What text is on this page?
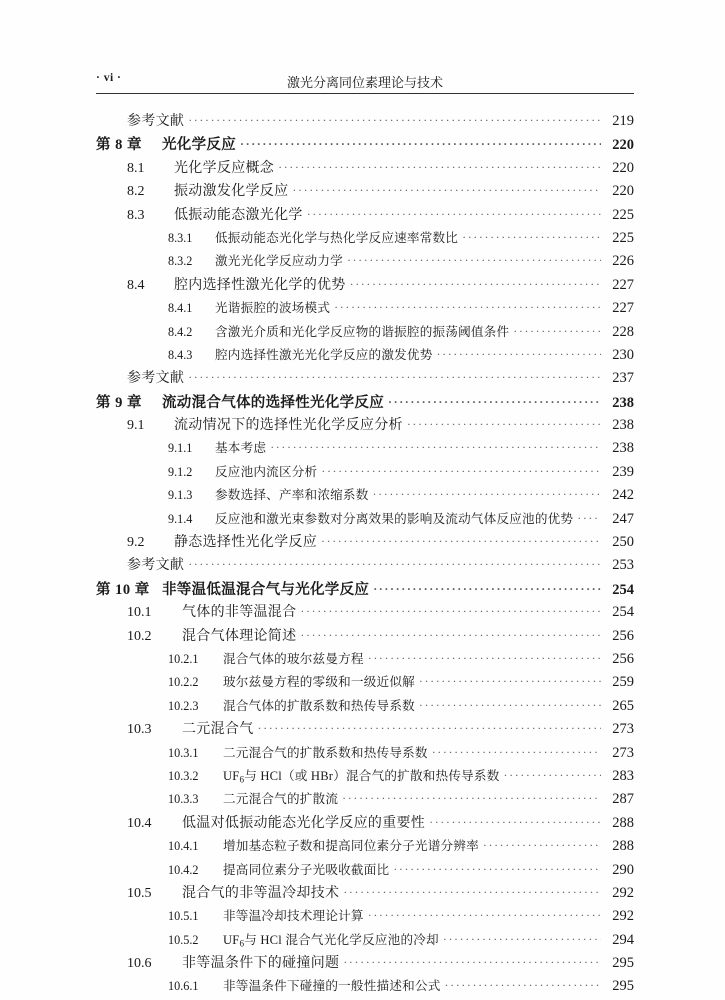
· vi ·	激光分离同位素理论与技术
参考文献 ·····	219
第 8 章	光化学反应 ·····	220
8.1	光化学反应概念 ·····	220
8.2	振动激发化学反应 ·····	220
8.3	低振动能态激光化学 ·····	225
8.3.1	低振动能态光化学与热化学反应速率常数比 ·····	225
8.3.2	激光光化学反应动力学 ·····	226
8.4	腔内选择性激光化学的优势 ·····	227
8.4.1	光谐振腔的波场模式 ·····	227
8.4.2	含激光介质和光化学反应物的谐振腔的振荡阈值条件 ·····	228
8.4.3	腔内选择性激光光化学反应的激发优势 ·····	230
参考文献 ·····	237
第 9 章	流动混合气体的选择性光化学反应 ·····	238
9.1	流动情况下的选择性光化学反应分析 ·····	238
9.1.1	基本考虑 ·····	238
9.1.2	反应池内流区分析 ·····	239
9.1.3	参数选择、产率和浓缩系数 ·····	242
9.1.4	反应池和激光束参数对分离效果的影响及流动气体反应池的优势 ·····	247
9.2	静态选择性光化学反应 ·····	250
参考文献 ·····	253
第 10 章 非等温低温混合气与光化学反应 ·····	254
10.1	气体的非等温混合 ·····	254
10.2	混合气体理论简述 ·····	256
10.2.1	混合气体的玻尔兹曼方程 ·····	256
10.2.2	玻尔兹曼方程的零级和一级近似解 ·····	259
10.2.3	混合气体的扩散系数和热传导系数 ·····	265
10.3	二元混合气 ·····	273
10.3.1	二元混合气的扩散系数和热传导系数 ·····	273
10.3.2	$UF_6$与 HCl（或 HBr）混合气的扩散和热传导系数 ·····	283
10.3.3	二元混合气的扩散流 ·····	287
10.4	低温对低振动能态光化学反应的重要性 ·····	288
10.4.1	增加基态粒子数和提高同位素分子光谱分辨率 ·····	288
10.4.2	提高同位素分子光吸收截面比 ·····	290
10.5	混合气的非等温冷却技术 ·····	292
10.5.1	非等温冷却技术理论计算 ·····	292
10.5.2	$UF_6$与 HCl 混合气光化学反应池的冷却 ·····	294
10.6	非等温条件下的碰撞问题 ·····	295
10.6.1	非等温条件下碰撞的一般性描述和公式 ·····	295
